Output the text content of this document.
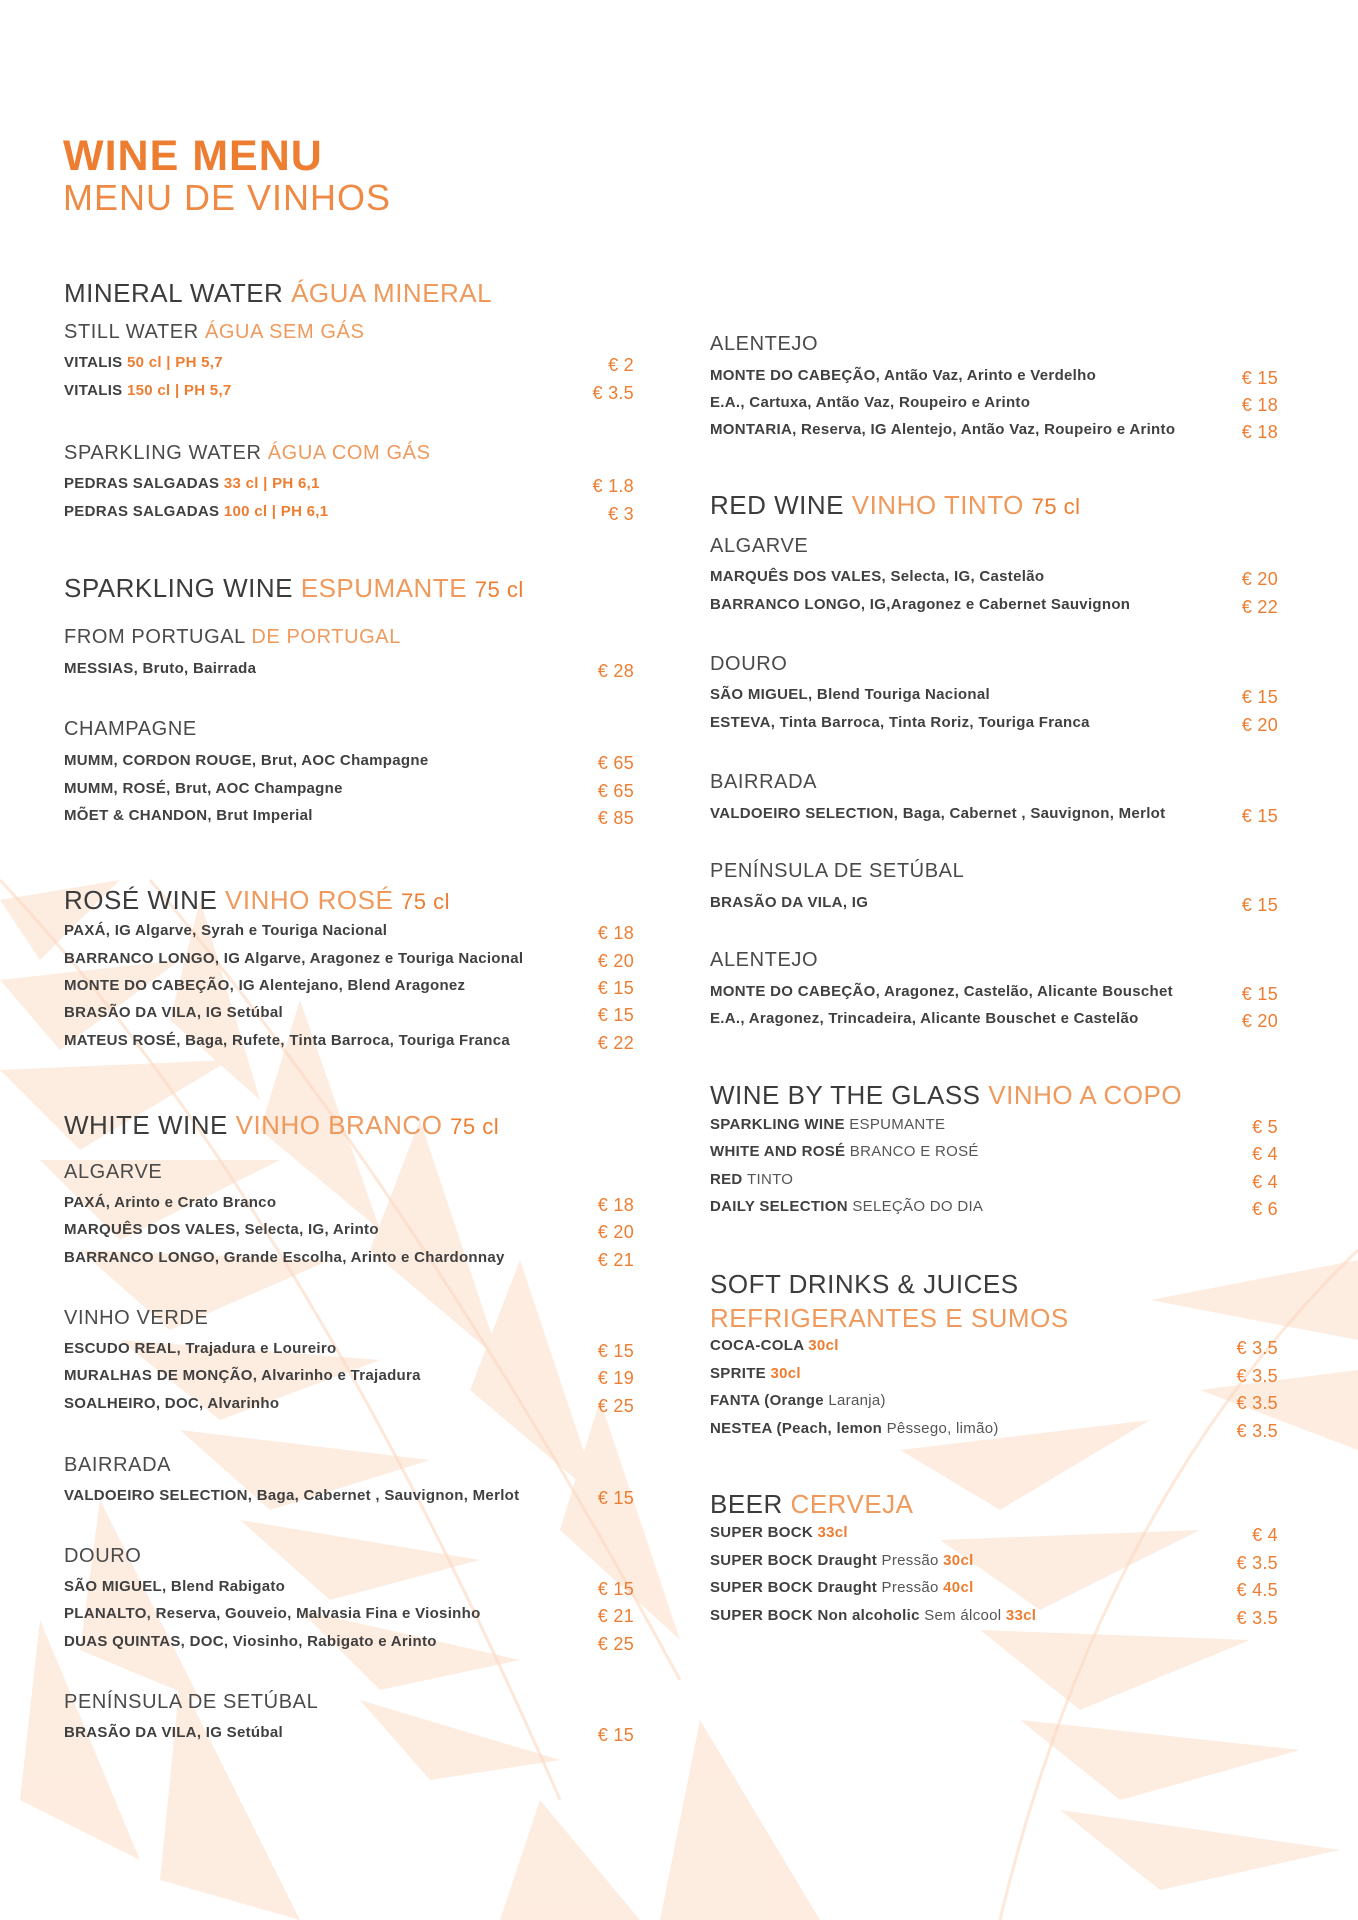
WINE MENU
MENU DE VINHOS
MINERAL WATER ÁGUA MINERAL
STILL WATER ÁGUA SEM GÁS
VITALIS 50 cl | PH 5,7	€ 2
VITALIS 150 cl | PH 5,7	€ 3.5
SPARKLING WATER ÁGUA COM GÁS
PEDRAS SALGADAS 33 cl | PH 6,1	€ 1.8
PEDRAS SALGADAS 100 cl | PH 6,1	€ 3
SPARKLING WINE ESPUMANTE 75 cl
FROM PORTUGAL DE PORTUGAL
MESSIAS, Bruto, Bairrada	€ 28
CHAMPAGNE
MUMM, CORDON ROUGE, Brut, AOC Champagne	€ 65
MUMM, ROSÉ, Brut, AOC Champagne	€ 65
MÕET & CHANDON, Brut Imperial	€ 85
ROSÉ WINE VINHO ROSÉ 75 cl
PAXÁ, IG Algarve, Syrah e Touriga Nacional	€ 18
BARRANCO LONGO, IG Algarve, Aragonez e Touriga Nacional	€ 20
MONTE DO CABEÇÃO, IG Alentejano, Blend Aragonez	€ 15
BRASÃO DA VILA, IG Setúbal	€ 15
MATEUS ROSÉ, Baga, Rufete, Tinta Barroca, Touriga Franca	€ 22
WHITE WINE VINHO BRANCO 75 cl
ALGARVE
PAXÁ, Arinto e Crato Branco	€ 18
MARQUÊS DOS VALES, Selecta, IG, Arinto	€ 20
BARRANCO LONGO, Grande Escolha, Arinto e Chardonnay	€ 21
VINHO VERDE
ESCUDO REAL, Trajadura e Loureiro	€ 15
MURALHAS DE MONÇÃO, Alvarinho e Trajadura	€ 19
SOALHEIRO, DOC, Alvarinho	€ 25
BAIRRADA
VALDOEIRO SELECTION, Baga, Cabernet , Sauvignon, Merlot	€ 15
DOURO
SÃO MIGUEL, Blend Rabigato	€ 15
PLANALTO, Reserva, Gouveio, Malvasia Fina e Viosinho	€ 21
DUAS QUINTAS, DOC, Viosinho, Rabigato e Arinto	€ 25
PENÍNSULA DE SETÚBAL
BRASÃO DA VILA, IG Setúbal	€ 15
ALENTEJO
MONTE DO CABEÇÃO, Antão Vaz, Arinto e Verdelho	€ 15
E.A., Cartuxa, Antão Vaz, Roupeiro e Arinto	€ 18
MONTARIA, Reserva, IG Alentejo, Antão Vaz, Roupeiro e Arinto	€ 18
RED WINE VINHO TINTO 75 cl
ALGARVE
MARQUÊS DOS VALES, Selecta, IG, Castelão	€ 20
BARRANCO LONGO, IG,Aragonez e Cabernet Sauvignon	€ 22
DOURO
SÃO MIGUEL, Blend Touriga Nacional	€ 15
ESTEVA, Tinta Barroca, Tinta Roriz, Touriga Franca	€ 20
BAIRRADA
VALDOEIRO SELECTION, Baga, Cabernet , Sauvignon, Merlot	€ 15
PENÍNSULA DE SETÚBAL
BRASÃO DA VILA, IG	€ 15
ALENTEJO
MONTE DO CABEÇÃO, Aragonez, Castelão, Alicante Bouschet	€ 15
E.A., Aragonez, Trincadeira, Alicante Bouschet e Castelão	€ 20
WINE BY THE GLASS VINHO A COPO
SPARKLING WINE ESPUMANTE	€ 5
WHITE AND ROSÉ BRANCO E ROSÉ	€ 4
RED TINTO	€ 4
DAILY SELECTION SELEÇÃO DO DIA	€ 6
SOFT DRINKS & JUICES
REFRIGERANTES E SUMOS
COCA-COLA 30cl	€ 3.5
SPRITE 30cl	€ 3.5
FANTA (Orange Laranja)	€ 3.5
NESTEA (Peach, lemon Pêssego, limão)	€ 3.5
BEER CERVEJA
SUPER BOCK 33cl	€ 4
SUPER BOCK Draught Pressão 30cl	€ 3.5
SUPER BOCK Draught Pressão 40cl	€ 4.5
SUPER BOCK Non alcoholic Sem álcool 33cl	€ 3.5
